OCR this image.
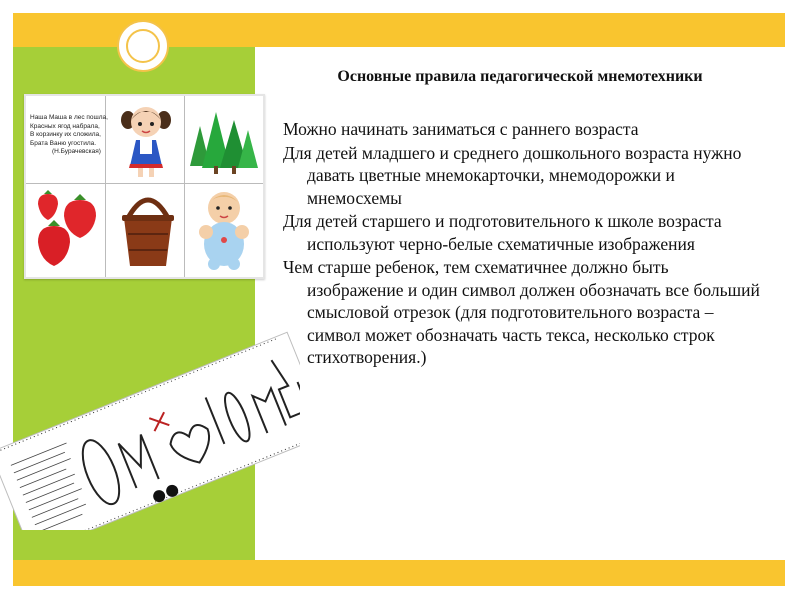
Наша Маша в лес пошла,
Красных ягод набрала,
В корзинку их сложила,
Брата Ваню угостила.
(Н.Бурачевская)
Основные правила педагогической мнемотехники

Можно начинать заниматься с раннего возраста

Для детей младшего и среднего дошкольного возраста нужно давать цветные мнемокарточки, мнемодорожки и мнемосхемы

Для детей старшего и подготовительного к школе возраста используют черно-белые схематичные изображения

Чем старше ребенок, тем схематичнее должно быть изображение и один символ должен обозначать все больший смысловой отрезок (для подготовительного возраста – символ может обозначать часть текса, несколько строк стихотворения.)
